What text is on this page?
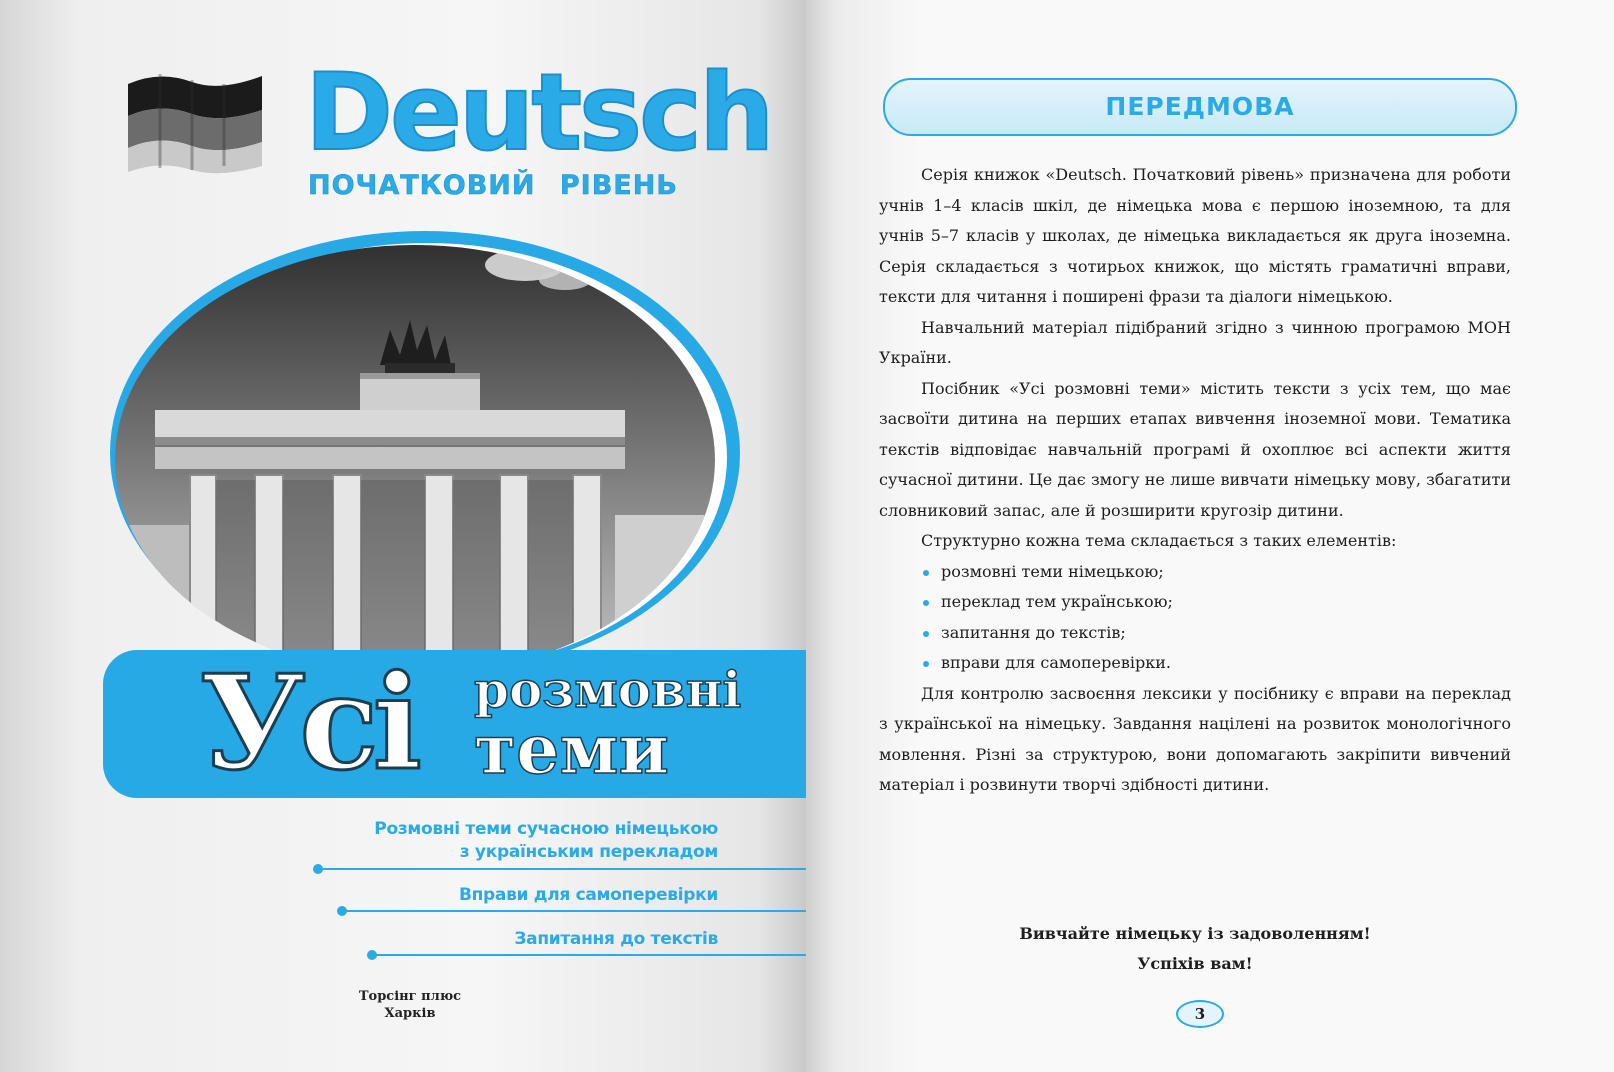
Deutsch
ПОЧАТКОВИЙ РІВЕНЬ
Усі розмовні
теми
Розмовні теми сучасною німецькою
з українським перекладом
Вправи для самоперевірки
Запитання до текстів
Торсінг плюс
Харків
ПЕРЕДМОВА

Серія книжок «Deutsch. Початковий рівень» призначена для роботи учнів 1–4 класів шкіл, де німецька мова є першою іноземною, та для учнів 5–7 класів у школах, де німецька викладається як друга іноземна. Серія складається з чотирьох книжок, що містять граматичні вправи, тексти для читання і поширені фрази та діалоги німецькою.

Навчальний матеріал підібраний згідно з чинною програмою МОН України.

Посібник «Усі розмовні теми» містить тексти з усіх тем, що має засвоїти дитина на перших етапах вивчення іноземної мови. Тематика текстів відповідає навчальній програмі й охоплює всі аспекти життя сучасної дитини. Це дає змогу не лише вивчати німецьку мову, збагатити словниковий запас, але й розширити кругозір дитини.

Структурно кожна тема складається з таких елементів:

розмовні теми німецькою;
переклад тем українською;
запитання до текстів;
вправи для самоперевірки.

Для контролю засвоєння лексики у посібнику є вправи на переклад з української на німецьку. Завдання націлені на розвиток монологічного мовлення. Різні за структурою, вони допомагають закріпити вивчений матеріал і розвинути творчі здібності дитини.

Вивчайте німецьку із задоволенням!
Успіхів вам!
3
